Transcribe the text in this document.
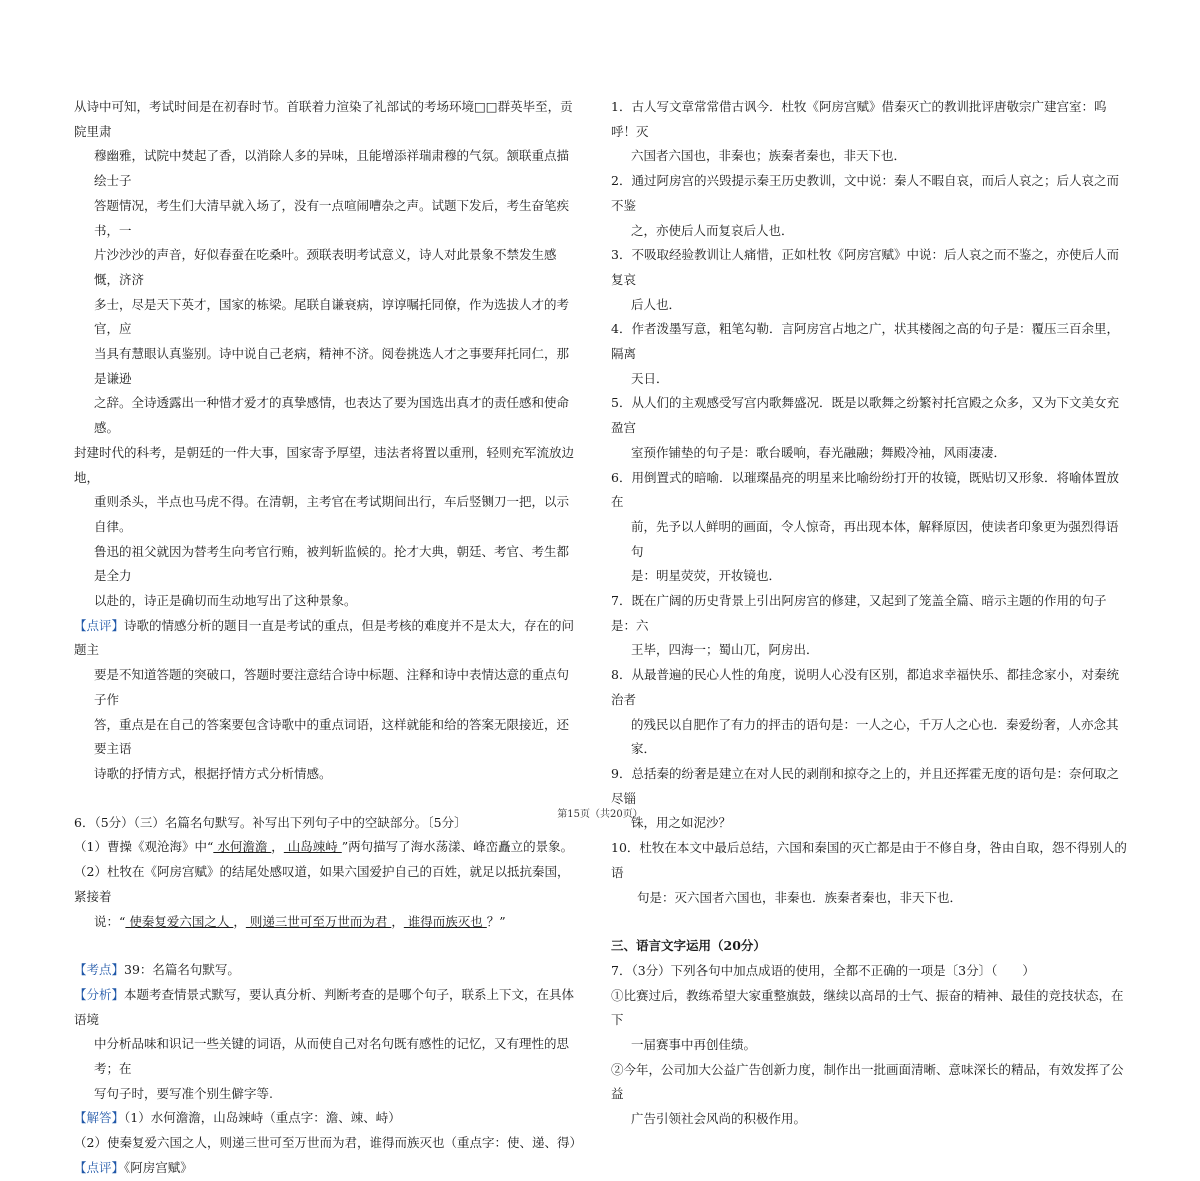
从诗中可知，考试时间是在初春时节。首联着力渲染了礼部试的考场环境□□群英毕至，贡院里肃

穆幽雅，试院中焚起了香，以消除人多的异味，且能增添祥瑞肃穆的气氛。颔联重点描绘士子

答题情况，考生们大清早就入场了，没有一点喧闹嘈杂之声。试题下发后，考生奋笔疾书，一

片沙沙沙的声音，好似春蚕在吃桑叶。颈联表明考试意义，诗人对此景象不禁发生感慨，济济

多士，尽是天下英才，国家的栋梁。尾联自谦衰病，谆谆嘱托同僚，作为选拔人才的考官，应

当具有慧眼认真鉴别。诗中说自己老病，精神不济。阅卷挑选人才之事要拜托同仁，那是谦逊

之辞。全诗透露出一种惜才爱才的真挚感情，也表达了要为国选出真才的责任感和使命感。

封建时代的科考，是朝廷的一件大事，国家寄予厚望，违法者将置以重刑，轻则充军流放边地，

重则杀头，半点也马虎不得。在清朝，主考官在考试期间出行，车后竖铡刀一把，以示自律。

鲁迅的祖父就因为替考生向考官行贿，被判斩监候的。抡才大典，朝廷、考官、考生都是全力

以赴的，诗正是确切而生动地写出了这种景象。

【点评】诗歌的情感分析的题目一直是考试的重点，但是考核的难度并不是太大，存在的问题主

要是不知道答题的突破口，答题时要注意结合诗中标题、注释和诗中表情达意的重点句子作

答，重点是在自己的答案要包含诗歌中的重点词语，这样就能和给的答案无限接近，还要主语

诗歌的抒情方式，根据抒情方式分析情感。

6．（5分）（三）名篇名句默写。补写出下列句子中的空缺部分。〔5分〕

（1）曹操《观沧海》中“ 水何澹澹 ， 山岛竦峙 ”两句描写了海水荡漾、峰峦矗立的景象。

（2）杜牧在《阿房宫赋》的结尾处感叹道，如果六国爱护自己的百姓，就足以抵抗秦国，紧接着

说：“ 使秦复爱六国之人 ， 则递三世可至万世而为君 ， 谁得而族灭也 ？”

【考点】39：名篇名句默写。

【分析】本题考查情景式默写，要认真分析、判断考查的是哪个句子，联系上下文，在具体语境

中分析品味和识记一些关键的词语，从而使自己对名句既有感性的记忆，又有理性的思考；在

写句子时，要写准个别生僻字等.

【解答】（1）水何澹澹，山岛竦峙（重点字：澹、竦、峙）

（2）使秦复爱六国之人，则递三世可至万世而为君，谁得而族灭也（重点字：使、递、得）

【点评】《阿房宫赋》

1．古人写文章常常借古讽今．杜牧《阿房宫赋》借秦灭亡的教训批评唐敬宗广建宫室：呜呼！灭

六国者六国也，非秦也；族秦者秦也，非天下也．

2．通过阿房宫的兴毁提示秦王历史教训，文中说：秦人不暇自哀，而后人哀之；后人哀之而不鉴

之，亦使后人而复哀后人也．

3．不吸取经验教训让人痛惜，正如杜牧《阿房宫赋》中说：后人哀之而不鉴之，亦使后人而复哀

后人也．

4．作者泼墨写意，粗笔勾勒．言阿房宫占地之广，状其楼阁之高的句子是：覆压三百余里，隔离

天日．

5．从人们的主观感受写宫内歌舞盛况．既是以歌舞之纷繁衬托宫殿之众多，又为下文美女充盈宫

室预作铺垫的句子是：歌台暖响，春光融融；舞殿冷袖，风雨凄凄．

6．用倒置式的暗喻．以璀璨晶亮的明星来比喻纷纷打开的妆镜，既贴切又形象．将喻体置放在

前，先予以人鲜明的画面，令人惊奇，再出现本体，解释原因，使读者印象更为强烈得语句

是：明星荧荧，开妆镜也．

7．既在广阔的历史背景上引出阿房宫的修建，又起到了笼盖全篇、暗示主题的作用的句子是：六

王毕，四海一；蜀山兀，阿房出．

8．从最普遍的民心人性的角度，说明人心没有区别，都追求幸福快乐、都挂念家小，对秦统治者

的残民以自肥作了有力的抨击的语句是：一人之心，千万人之心也．秦爱纷奢，人亦念其家．

9．总括秦的纷奢是建立在对人民的剥削和掠夺之上的，并且还挥霍无度的语句是：奈何取之尽锱

铢，用之如泥沙？

10．杜牧在本文中最后总结，六国和秦国的灭亡都是由于不修自身，咎由自取，怨不得别人的语

句是：灭六国者六国也，非秦也．族秦者秦也，非天下也．

三、语言文字运用（20分）

7．（3分）下列各句中加点成语的使用，全都不正确的一项是〔3分〕（　　）

①比赛过后，教练希望大家重整旗鼓，继续以高昂的士气、振奋的精神、最佳的竞技状态，在下

一届赛事中再创佳绩。

②今年，公司加大公益广告创新力度，制作出一批画面清晰、意味深长的精品，有效发挥了公益

广告引领社会风尚的积极作用。

第15页（共20页）
